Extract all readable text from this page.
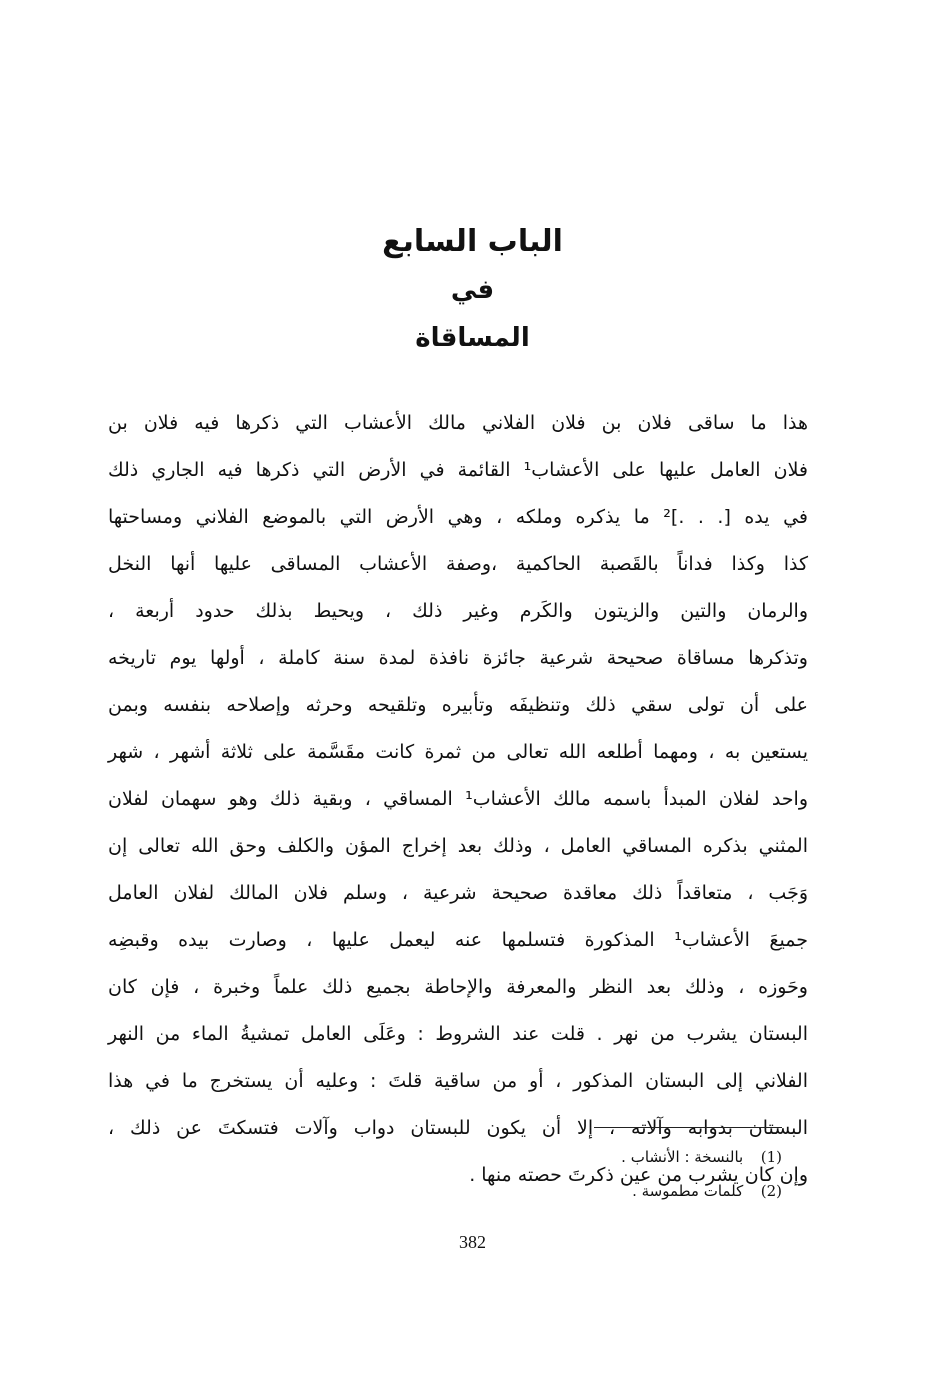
الباب السابع
في
المساقاة
هذا ما ساقى فلان بن فلان الفلاني مالك الأعشاب التي ذكرها فيه فلان بن
فلان العامل عليها على الأعشاب¹ القائمة في الأرض التي ذكرها فيه الجاري ذلك
في يده [. . .]² ما يذكره وملكه ، وهي الأرض التي بالموضع الفلاني ومساحتها
كذا وكذا فداناً بالقَصبة الحاكمية ،وصفة الأعشاب المساقى عليها أنها النخل
والرمان والتين والزيتون والكَرم وغير ذلك ، ويحيط بذلك حدود أربعة ،
وتذكرها مساقاة صحيحة شرعية جائزة نافذة لمدة سنة كاملة ، أولها يوم تاريخه
على أن تولى سقي ذلك وتنظيفَه وتأبيره وتلقيحه وحرثه وإصلاحه بنفسه وبمن
يستعين به ، ومهما أطلعه الله تعالى من ثمرة كانت مقَسَّمة على ثلاثة أشهر ، شهر
واحد لفلان المبدأ باسمه مالك الأعشاب¹ المساقي ، وبقية ذلك وهو سهمان لفلان
المثني بذكره المساقي العامل ، وذلك بعد إخراج المؤن والكلف وحق الله تعالى إن
وَجَب ، متعاقداً ذلك معاقدة صحيحة شرعية ، وسلم فلان المالك لفلان العامل
جميعَ الأعشاب¹ المذكورة فتسلمها عنه ليعمل عليها ، وصارت بيده وقبضِه
وحَوزه ، وذلك بعد النظر والمعرفة والإحاطة بجميع ذلك علماً وخبرة ، فإن كان
البستان يشرب من نهر . قلت عند الشروط : وعَلَى العامل تمشيةُ الماء من النهر
الفلاني إلى البستان المذكور ، أو من ساقية قلتَ : وعليه أن يستخرج ما في هذا
البستان بدوابه وآلاته ، إلا أن يكون للبستان دواب وآلات فتسكتَ عن ذلك ،
وإن كان يشرب من عين ذكرتَ حصته منها .
(1) بالنسخة : الأنشاب .
(2) كلمات مطموسة .
382
